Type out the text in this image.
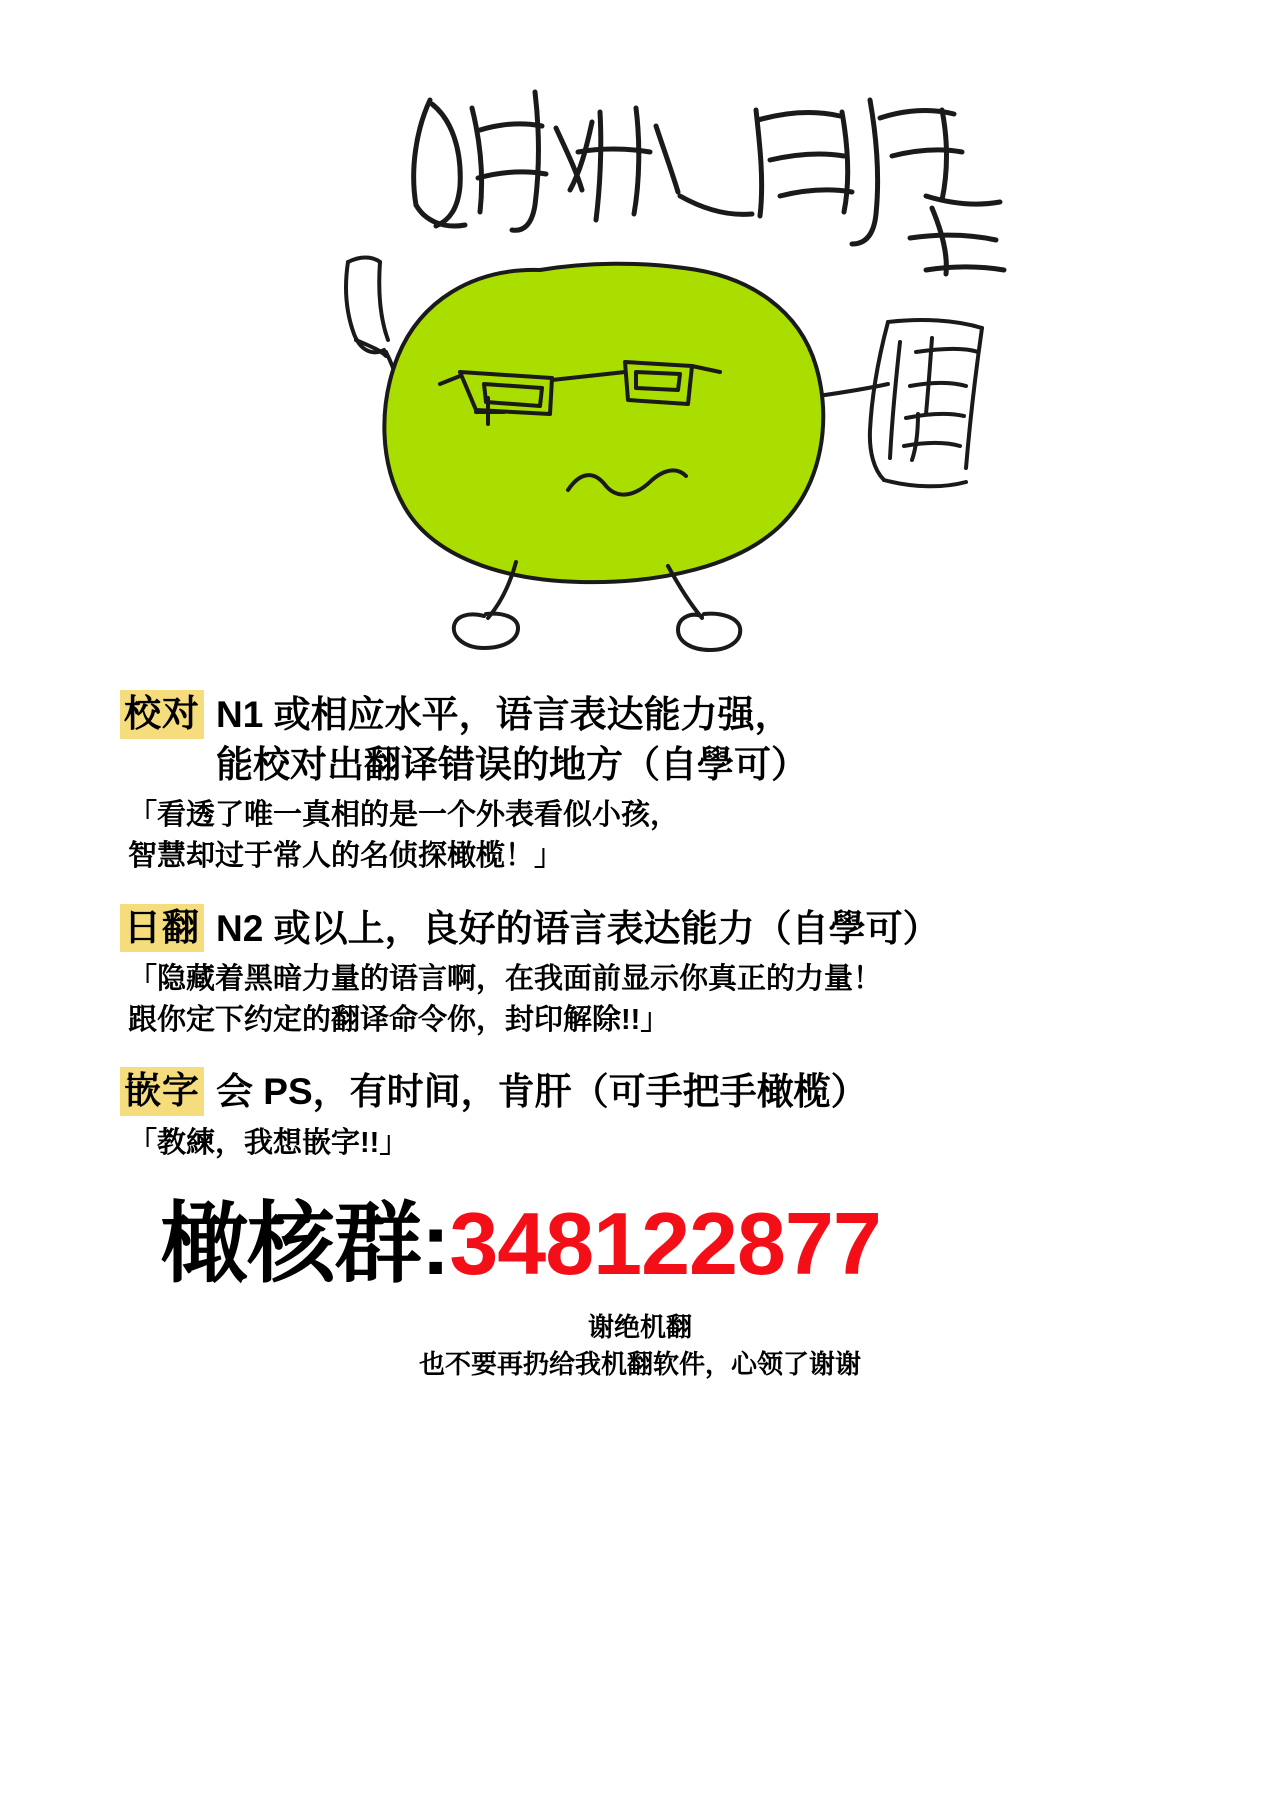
校对 N1 或相应水平，语言表达能力强，
能校对出翻译错误的地方（自學可）
「看透了唯一真相的是一个外表看似小孩，
智慧却过于常人的名侦探橄榄！」
日翻 N2 或以上，良好的语言表达能力（自學可）
「隐藏着黑暗力量的语言啊，在我面前显示你真正的力量！
跟你定下约定的翻译命令你，封印解除!!」
嵌字 会 PS，有时间，肯肝（可手把手橄榄）
「教練，我想嵌字!!」
橄核群:348122877
谢绝机翻
也不要再扔给我机翻软件，心领了谢谢
